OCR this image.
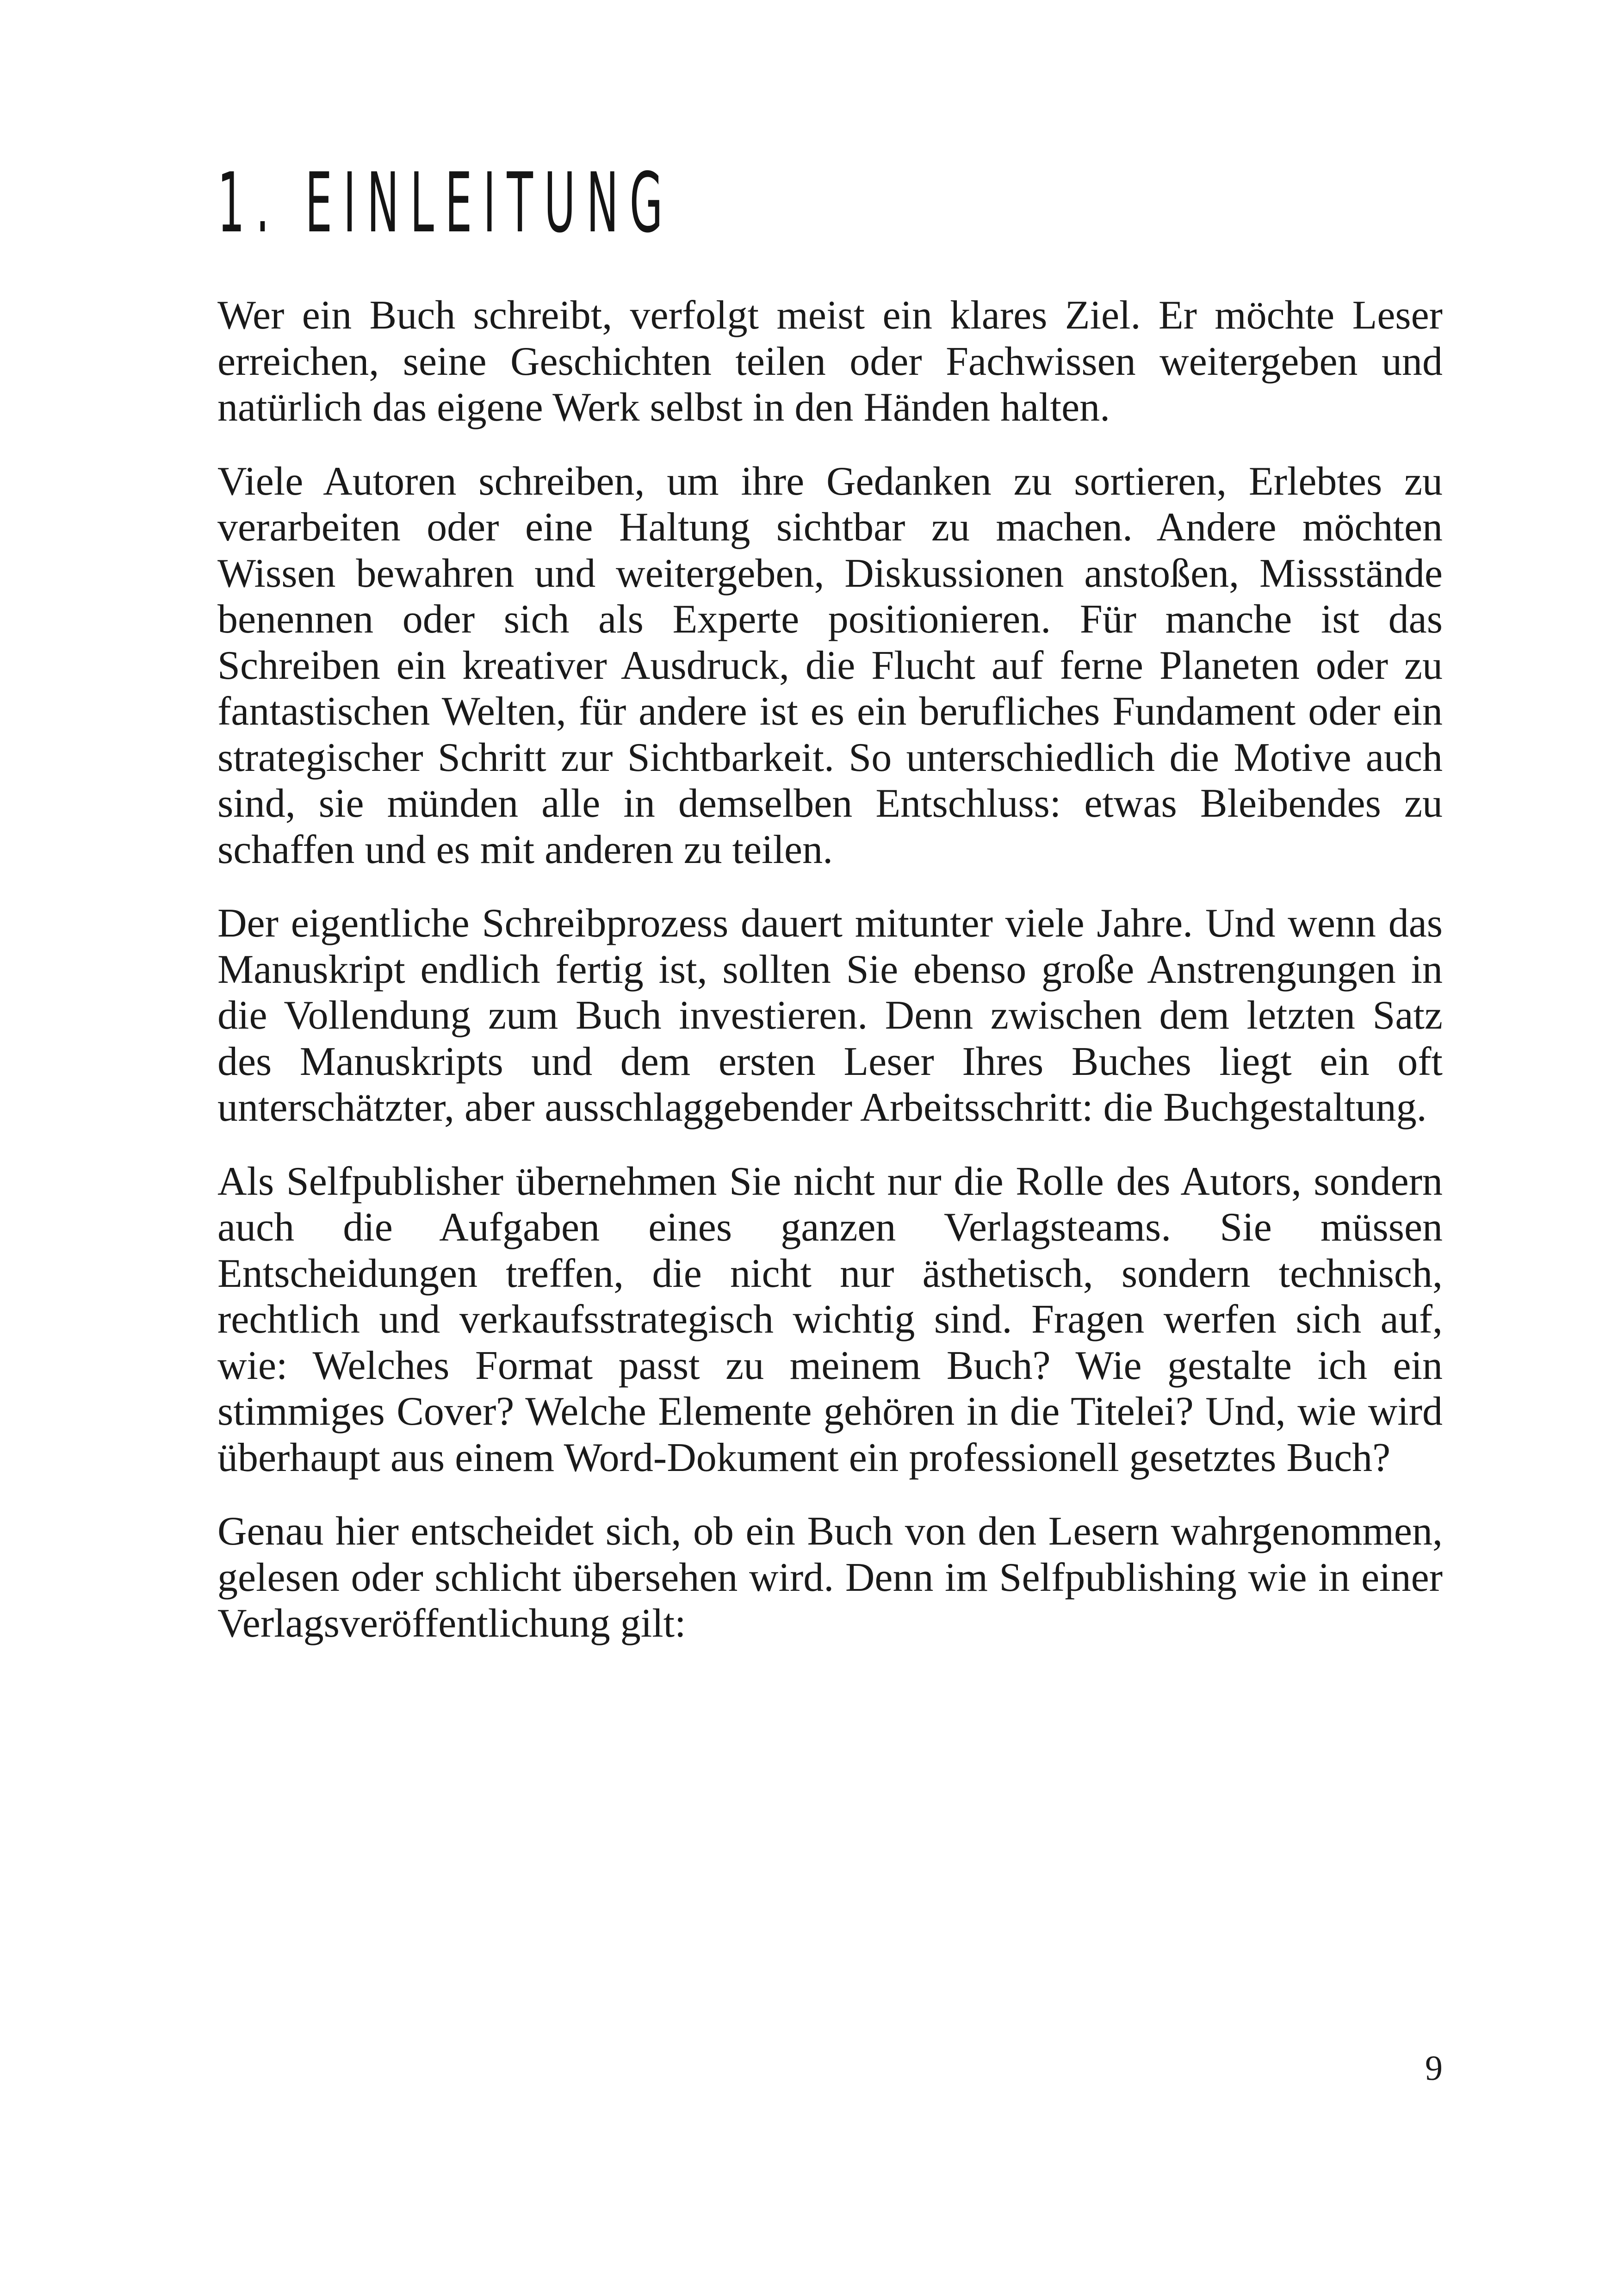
1. EINLEITUNG

Wer ein Buch schreibt, verfolgt meist ein klares Ziel. Er möchte Leser erreichen, seine Geschichten teilen oder Fachwissen weitergeben und natürlich das eigene Werk selbst in den Händen halten.

Viele Autoren schreiben, um ihre Gedanken zu sortieren, Erlebtes zu verarbeiten oder eine Haltung sichtbar zu machen. Andere möchten Wissen bewahren und weitergeben, Diskussionen anstoßen, Missstände benennen oder sich als Experte positionieren. Für manche ist das Schreiben ein kreativer Ausdruck, die Flucht auf ferne Planeten oder zu fantastischen Welten, für andere ist es ein berufliches Fundament oder ein strategischer Schritt zur Sichtbarkeit. So unterschiedlich die Motive auch sind, sie münden alle in demselben Entschluss: etwas Bleibendes zu schaffen und es mit anderen zu teilen.

Der eigentliche Schreibprozess dauert mitunter viele Jahre. Und wenn das Manuskript endlich fertig ist, sollten Sie ebenso große Anstrengungen in die Vollendung zum Buch investieren. Denn zwischen dem letzten Satz des Manuskripts und dem ersten Leser Ihres Buches liegt ein oft unterschätzter, aber ausschlaggebender Arbeitsschritt: die Buchgestaltung.

Als Selfpublisher übernehmen Sie nicht nur die Rolle des Autors, sondern auch die Aufgaben eines ganzen Verlagsteams. Sie müssen Entscheidungen treffen, die nicht nur ästhetisch, sondern technisch, rechtlich und verkaufsstrategisch wichtig sind. Fragen werfen sich auf, wie: Welches Format passt zu meinem Buch? Wie gestalte ich ein stimmiges Cover? Welche Elemente gehören in die Titelei? Und, wie wird überhaupt aus einem Word-Dokument ein professionell gesetztes Buch?

Genau hier entscheidet sich, ob ein Buch von den Lesern wahrgenommen, gelesen oder schlicht übersehen wird. Denn im Selfpublishing wie in einer Verlagsveröffentlichung gilt:

9
